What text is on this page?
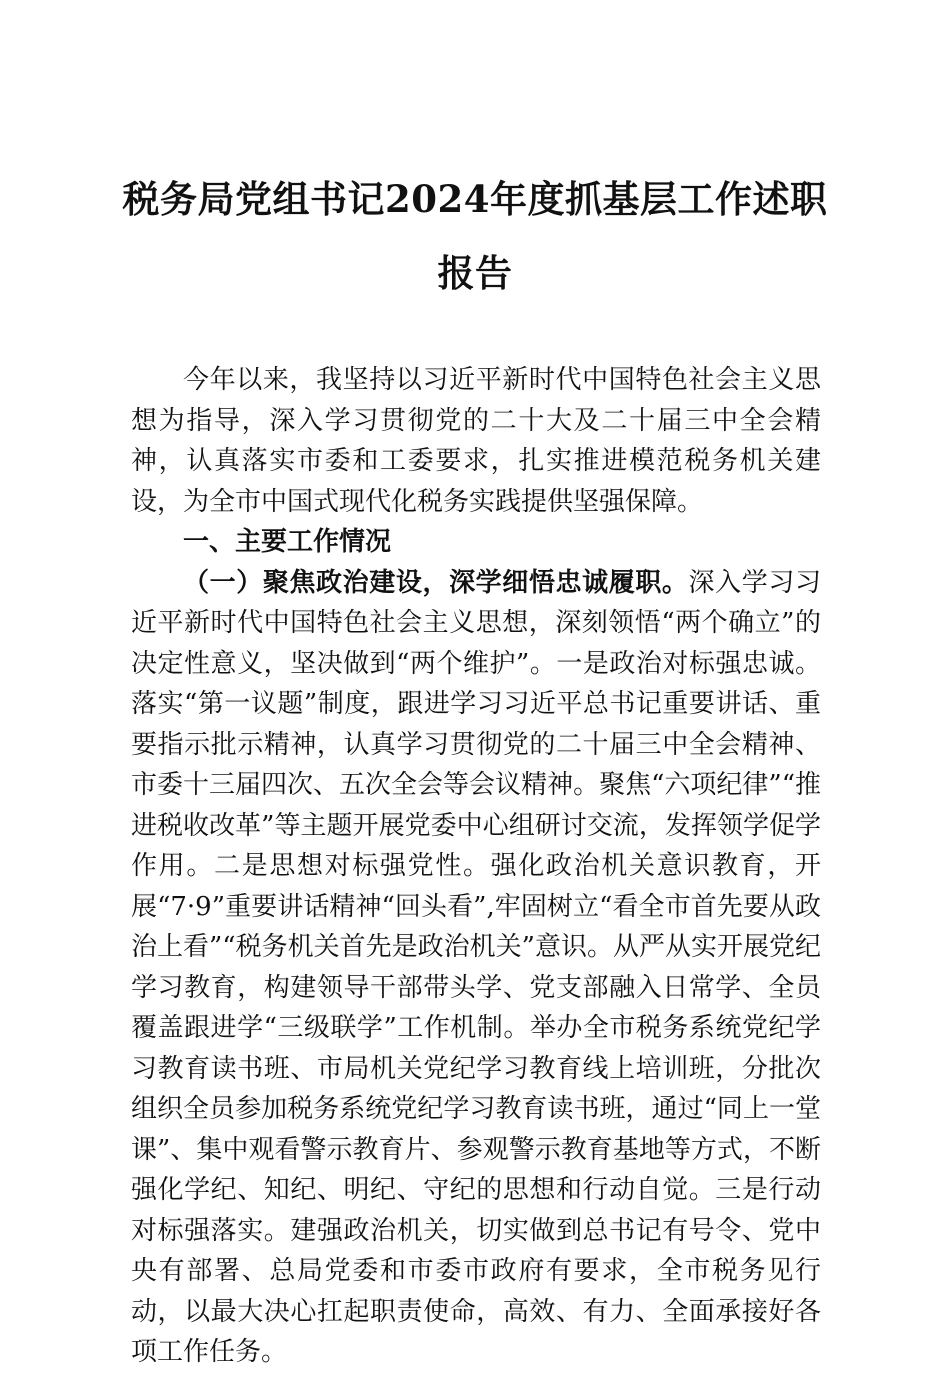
税务局党组书记2024年度抓基层工作述职报告

今年以来，我坚持以习近平新时代中国特色社会主义思想为指导，深入学习贯彻党的二十大及二十届三中全会精神，认真落实市委和工委要求，扎实推进模范税务机关建设，为全市中国式现代化税务实践提供坚强保障。

一、主要工作情况

（一）聚焦政治建设，深学细悟忠诚履职。深入学习习近平新时代中国特色社会主义思想，深刻领悟“两个确立”的决定性意义，坚决做到“两个维护”。一是政治对标强忠诚。落实“第一议题”制度，跟进学习习近平总书记重要讲话、重要指示批示精神，认真学习贯彻党的二十届三中全会精神、市委十三届四次、五次全会等会议精神。聚焦“六项纪律”“推进税收改革”等主题开展党委中心组研讨交流，发挥领学促学作用。二是思想对标强党性。强化政治机关意识教育，开展“7·9”重要讲话精神“回头看”,牢固树立“看全市首先要从政治上看”“税务机关首先是政治机关”意识。从严从实开展党纪学习教育，构建领导干部带头学、党支部融入日常学、全员覆盖跟进学“三级联学”工作机制。举办全市税务系统党纪学习教育读书班、市局机关党纪学习教育线上培训班，分批次组织全员参加税务系统党纪学习教育读书班，通过“同上一堂课”、集中观看警示教育片、参观警示教育基地等方式，不断强化学纪、知纪、明纪、守纪的思想和行动自觉。三是行动对标强落实。建强政治机关，切实做到总书记有号令、党中央有部署、总局党委和市委市政府有要求，全市税务见行动，以最大决心扛起职责使命，高效、有力、全面承接好各项工作任务。
